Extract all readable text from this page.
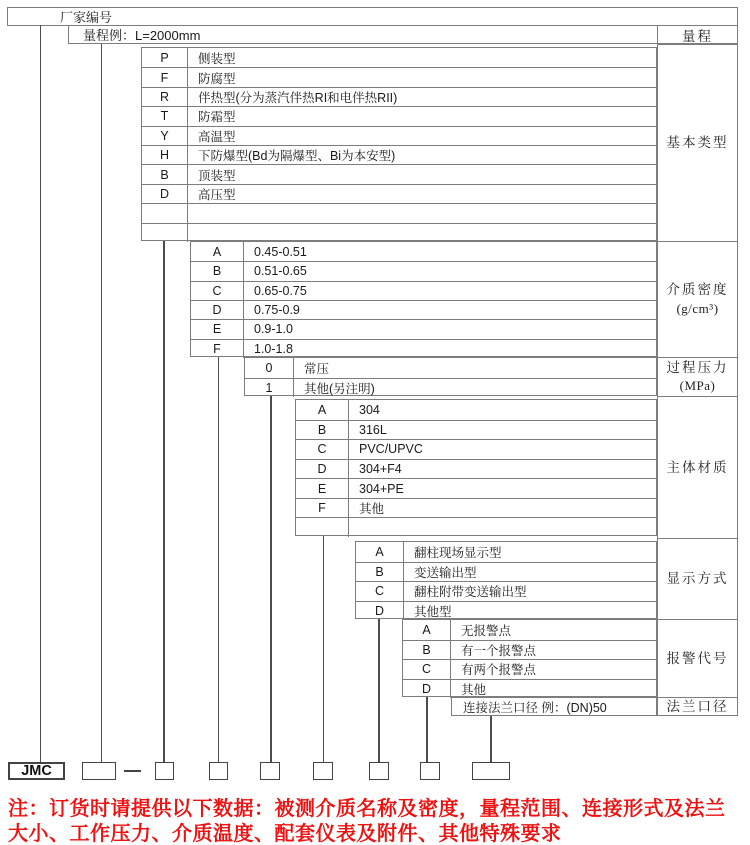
厂家编号
量程例：L=2000mm	量程
P	侧装型
F	防腐型
R	伴热型(分为蒸汽伴热RI和电伴热RII)
T	防霜型
Y	高温型
H	下防爆型(Bd为隔爆型、Bi为本安型)
B	顶装型
D	高压型
A	0.45-0.51
B	0.51-0.65
C	0.65-0.75
D	0.75-0.9
E	0.9-1.0
F	1.0-1.8
0	常压
1	其他(另注明)
A	304
B	316L
C	PVC/UPVC
D	304+F4
E	304+PE
F	其他
A	翻柱现场显示型
B	变送输出型
C	翻柱附带变送输出型
D	其他型
A	无报警点
B	有一个报警点
C	有两个报警点
D	其他
基本类型
介质密度
(g/cm³)
过程压力
(MPa)
主体材质
显示方式
报警代号
法兰口径
连接法兰口径 例：(DN)50
JMC
注：订货时请提供以下数据：被测介质名称及密度，量程范围、连接形式及法兰
大小、工作压力、介质温度、配套仪表及附件、其他特殊要求
